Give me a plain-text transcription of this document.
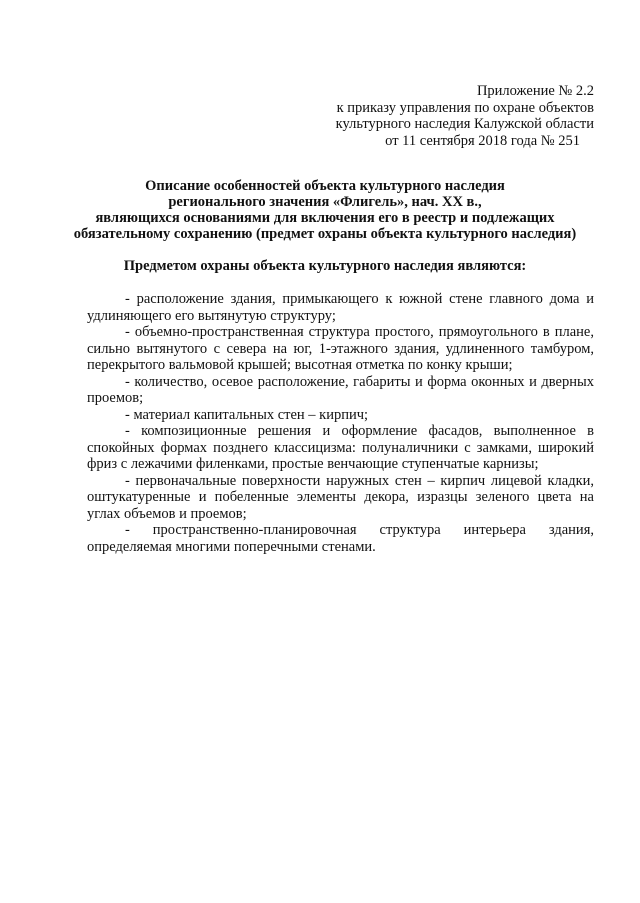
Приложение № 2.2
к приказу управления по охране объектов
культурного наследия Калужской области
от 11 сентября 2018 года № 251
Описание особенностей объекта культурного наследия
регионального значения «Флигель», нач. XX в.,
являющихся основаниями для включения его в реестр и подлежащих
обязательному сохранению (предмет охраны объекта культурного наследия)
Предметом охраны объекта культурного наследия являются:
- расположение здания, примыкающего к южной стене главного дома и удлиняющего его вытянутую структуру;
- объемно-пространственная структура простого, прямоугольного в плане, сильно вытянутого с севера на юг, 1-этажного здания, удлиненного тамбуром, перекрытого вальмовой крышей; высотная отметка по конку крыши;
- количество, осевое расположение, габариты и форма оконных и дверных проемов;
- материал капитальных стен – кирпич;
- композиционные решения и оформление фасадов, выполненное в спокойных формах позднего классицизма: полуналичники с замками, широкий фриз с лежачими филенками, простые венчающие ступенчатые карнизы;
- первоначальные поверхности наружных стен – кирпич лицевой кладки, оштукатуренные и побеленные элементы декора, изразцы зеленого цвета на углах объемов и проемов;
- пространственно-планировочная структура интерьера здания, определяемая многими поперечными стенами.
